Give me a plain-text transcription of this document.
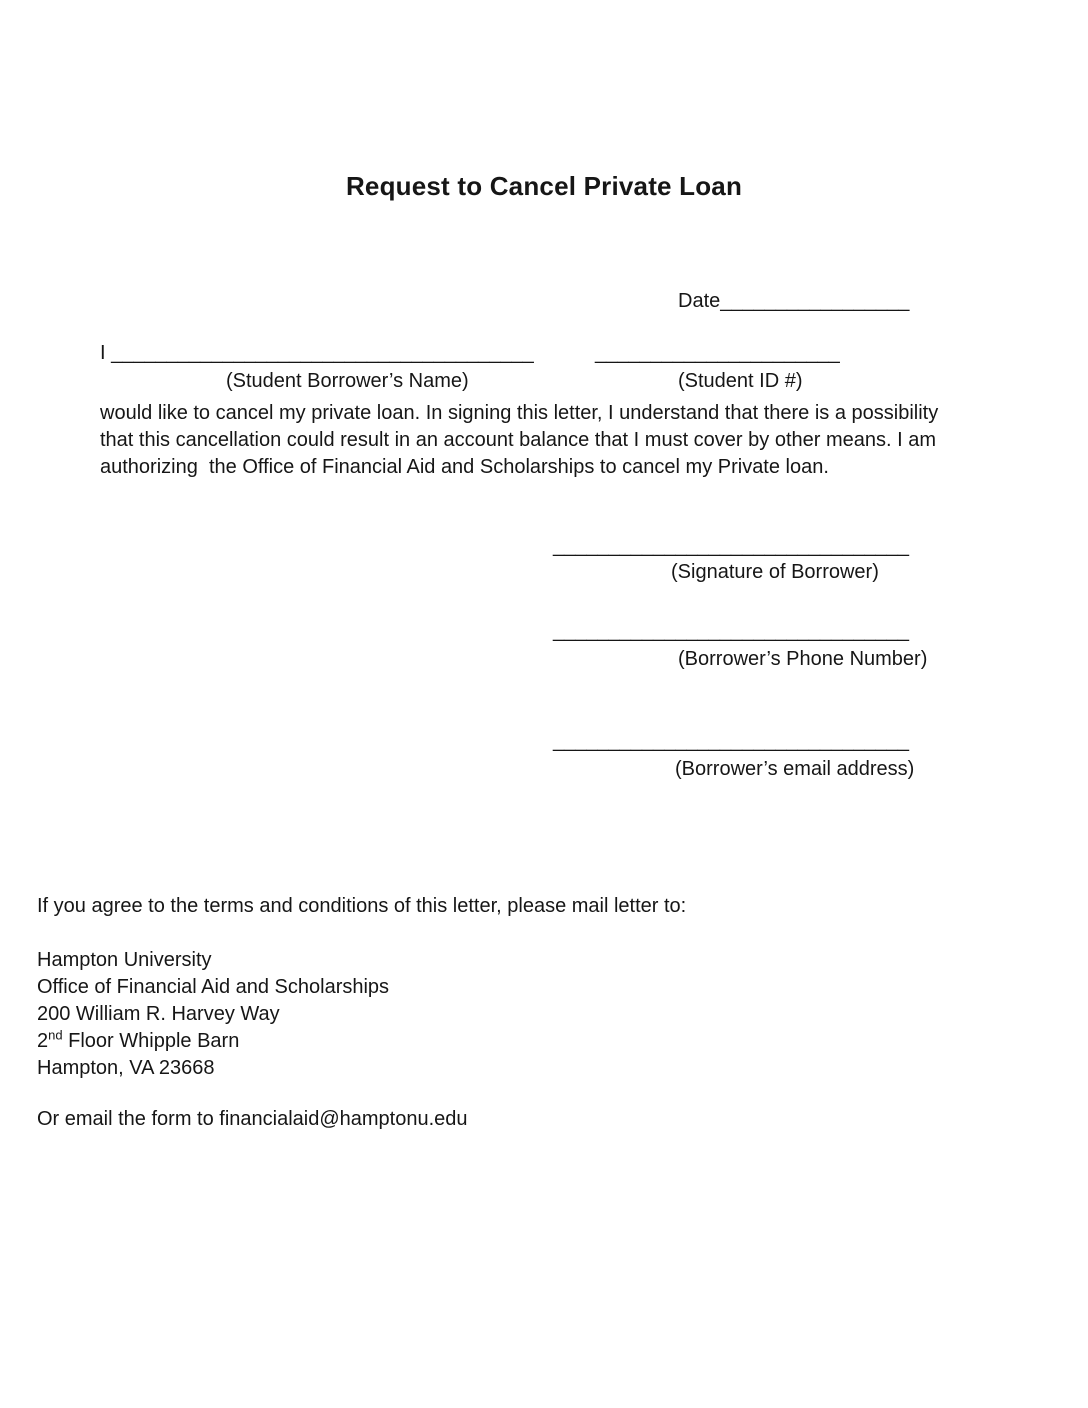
Request to Cancel Private Loan
Date_________________
I ______________________________________	______________________
(Student Borrower’s Name)	(Student ID #)
would like to cancel my private loan. In signing this letter, I understand that there is a possibility
that this cancellation could result in an account balance that I must cover by other means. I am
authorizing  the Office of Financial Aid and Scholarships to cancel my Private loan.
________________________________
(Signature of Borrower)
________________________________
(Borrower’s Phone Number)
________________________________
(Borrower’s email address)
If you agree to the terms and conditions of this letter, please mail letter to:
Hampton University
Office of Financial Aid and Scholarships
200 William R. Harvey Way
2nd Floor Whipple Barn
Hampton, VA 23668
Or email the form to financialaid@hamptonu.edu
